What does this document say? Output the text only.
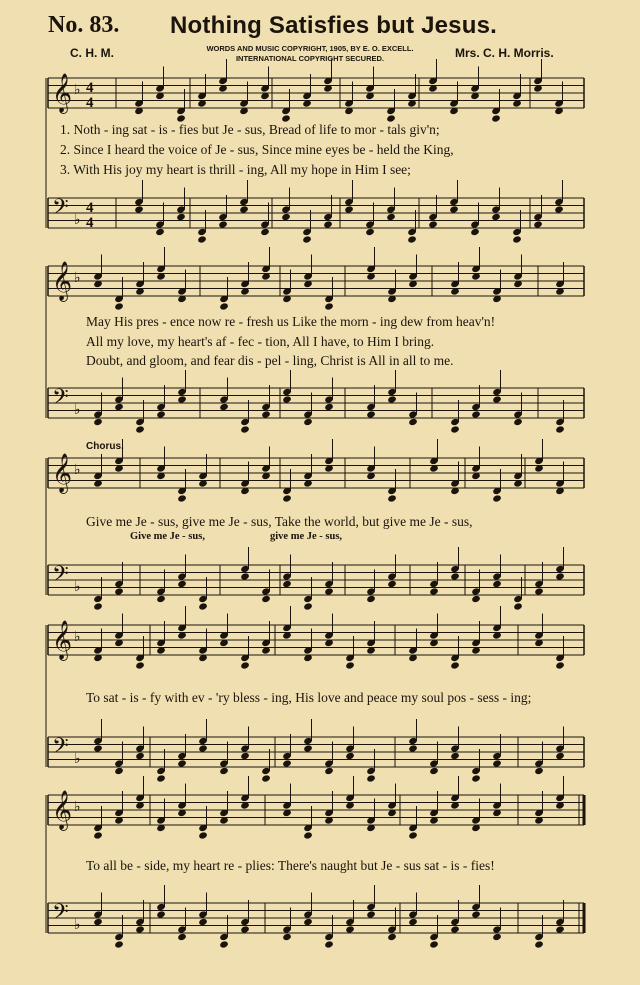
No. 83. Nothing Satisfies but Jesus.
C. H. M.	WORDS AND MUSIC COPYRIGHT, 1905, BY E. O. EXCELL.
INTERNATIONAL COPYRIGHT SECURED.	Mrs. C. H. Morris.
𝄞 ♭
𝄢 ♭
4
4
4
4
𝄞 ♭
𝄢 ♭
𝄞 ♭
𝄢 ♭
𝄞 ♭
𝄢 ♭
𝄞 ♭
𝄢 ♭
1. Noth - ing sat - is - fies but Je - sus, Bread of life to mor - tals giv'n;
2. Since I heard the voice of Je - sus, Since mine eyes be - held the King,
3. With His joy my heart is thrill - ing, All my hope in Him I see;
May His pres - ence now re - fresh us Like the morn - ing dew from heav'n!
All my love, my heart's af - fec - tion, All I have, to Him I bring.
Doubt, and gloom, and fear dis - pel - ling, Christ is All in all to me.
Chorus.
Give me Je - sus, give me Je - sus, Take the world, but give me Je - sus,
Give me Je - sus,	give me Je - sus,
To sat - is - fy with ev - 'ry bless - ing, His love and peace my soul pos - sess - ing;
To all be - side, my heart re - plies: There's naught but Je - sus sat - is - fies!
